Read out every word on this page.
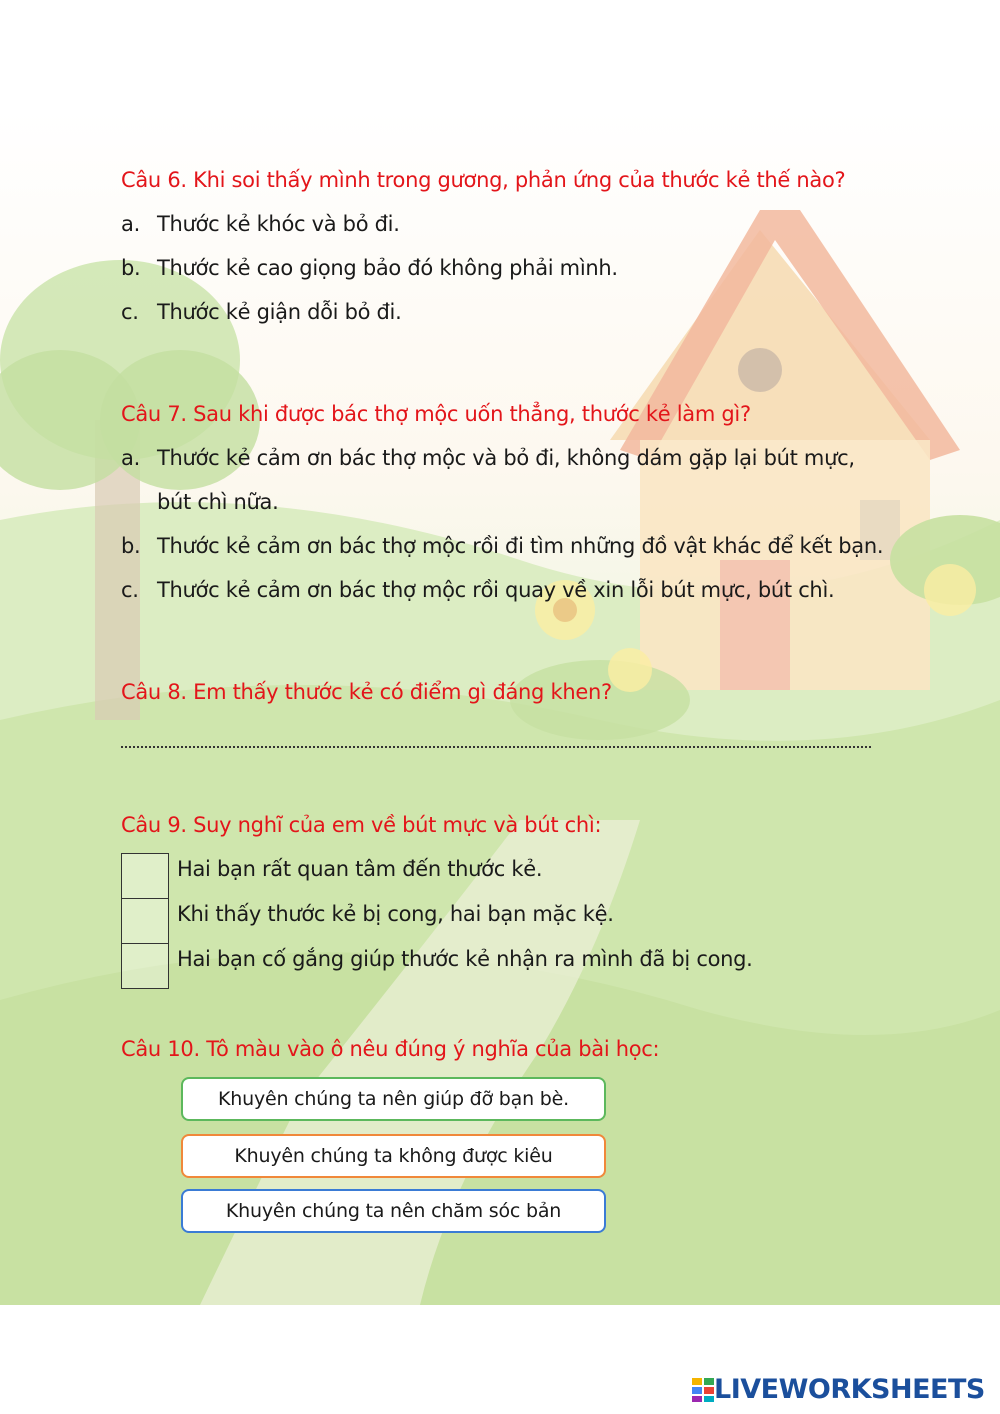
Câu 6. Khi soi thấy mình trong gương, phản ứng của thước kẻ thế nào?
a. Thước kẻ khóc và bỏ đi.
b. Thước kẻ cao giọng bảo đó không phải mình.
c. Thước kẻ giận dỗi bỏ đi.
Câu 7. Sau khi được bác thợ mộc uốn thẳng, thước kẻ làm gì?
a. Thước kẻ cảm ơn bác thợ mộc và bỏ đi, không dám gặp lại bút mực,
bút chì nữa.
b. Thước kẻ cảm ơn bác thợ mộc rồi đi tìm những đồ vật khác để kết bạn.
c. Thước kẻ cảm ơn bác thợ mộc rồi quay về xin lỗi bút mực, bút chì.
Câu 8. Em thấy thước kẻ có điểm gì đáng khen?
Câu 9. Suy nghĩ của em về bút mực và bút chì:
Hai bạn rất quan tâm đến thước kẻ.
Khi thấy thước kẻ bị cong, hai bạn mặc kệ.
Hai bạn cố gắng giúp thước kẻ nhận ra mình đã bị cong.
Câu 10. Tô màu vào ô nêu đúng ý nghĩa của bài học:
Khuyên chúng ta nên giúp đỡ bạn bè.
Khuyên chúng ta không được kiêu
Khuyên chúng ta nên chăm sóc bản
LIVEWORKSHEETS
